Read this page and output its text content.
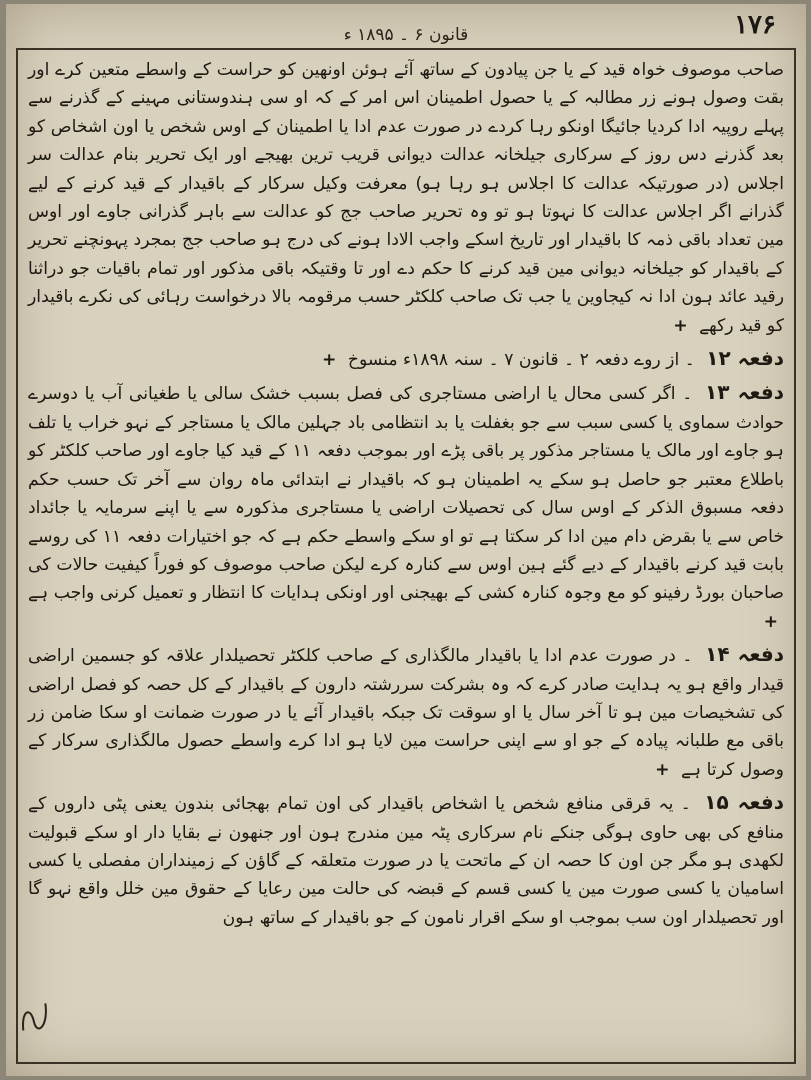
۱۷۶
قانون ۶ ۔ ۱۸۹۵ ء

صاحب موصوف خواہ قید کے یا جن پیادون کے ساتھ آئے ہوئن اونھین کو حراست کے واسطے متعین کرے اور بقت وصول ہونے زر مطالبہ کے یا حصول اطمینان اس امر کے کہ او سی ہندوستانی مہینے کے گذرنے سے پہلے روپیہ ادا کردیا جائیگا اونکو رہا کردے در صورت عدم ادا یا اطمینان کے اوس شخص یا اون اشخاص کو بعد گذرنے دس روز کے سرکاری جیلخانہ عدالت دیوانی قریب ترین بھیجے اور ایک تحریر بنام عدالت سر اجلاس (در صورتیکہ عدالت کا اجلاس ہو رہا ہو) معرفت وکیل سرکار کے باقیدار کے قید کرنے کے لیے گذرانے اگر اجلاس عدالت کا نہوتا ہو تو وہ تحریر صاحب جج کو عدالت سے باہر گذرانی جاوے اور اوس مین تعداد باقی ذمہ کا باقیدار اور تاریخ اسکے واجب الادا ہونے کی درج ہو صاحب جج بمجرد پہونچنے تحریر کے باقیدار کو جیلخانہ دیوانی مین قید کرنے کا حکم دے اور تا وقتیکہ باقی مذکور اور تمام باقیات جو دراثنا رقید عائد ہون ادا نہ کیجاوین یا جب تک صاحب کلکٹر حسب مرقومہ بالا درخواست رہائی کی نکرے باقیدار کو قید رکھے +

دفعہ ۱۲ ۔ از روے دفعہ ۲ ۔ قانون ۷ ۔ سنہ ۱۸۹۸ء منسوخ +

دفعہ ۱۳ ۔ اگر کسی محال یا اراضی مستاجری کی فصل بسبب خشک سالی یا طغیانی آب یا دوسرے حوادث سماوی یا کسی سبب سے جو بغفلت یا بد انتظامی باد جہلین مالک یا مستاجر کے نہو خراب یا تلف ہو جاوے اور مالک یا مستاجر مذکور پر باقی پڑے اور بموجب دفعہ ۱۱ کے قید کیا جاوے اور صاحب کلکٹر کو باطلاع معتبر جو حاصل ہو سکے یہ اطمینان ہو کہ باقیدار نے ابتدائی ماہ روان سے آخر تک حسب حکم دفعہ مسبوق الذکر کے اوس سال کی تحصیلات اراضی یا مستاجری مذکورہ سے یا اپنے سرمایہ یا جائداد خاص سے یا بقرض دام مین ادا کر سکتا ہے تو او سکے واسطے حکم ہے کہ جو اختیارات دفعہ ۱۱ کی روسے بابت قید کرنے باقیدار کے دیے گئے ہین اوس سے کنارہ کرے لیکن صاحب موصوف کو فوراً کیفیت حالات کی صاحبان بورڈ رفینو کو مع وجوہ کنارہ کشی کے بھیجنی اور اونکی ہدایات کا انتظار و تعمیل کرنی واجب ہے +

دفعہ ۱۴ ۔ در صورت عدم ادا یا باقیدار مالگذاری کے صاحب کلکٹر تحصیلدار علاقہ کو جسمین اراضی قیدار واقع ہو یہ ہدایت صادر کرے کہ وہ بشرکت سررشتہ دارون کے باقیدار کے کل حصہ کو فصل اراضی کی تشخیصات مین ہو تا آخر سال یا او سوقت تک جبکہ باقیدار آئے یا در صورت ضمانت او سکا ضامن زر باقی مع طلبانہ پیادہ کے جو او سے اپنی حراست مین لایا ہو ادا کرے واسطے حصول مالگذاری سرکار کے وصول کرتا ہے +

دفعہ ۱۵ ۔ یہ قرقی منافع شخص یا اشخاص باقیدار کی اون تمام بھجائی بندون یعنی پٹی داروں کے منافع کی بھی حاوی ہوگی جنکے نام سرکاری پٹہ مین مندرج ہون اور جنھون نے بقایا دار او سکے قبولیت لکھدی ہو مگر جن اون کا حصہ ان کے ماتحت یا در صورت متعلقہ کے گاؤن کے زمینداران مفصلی یا کسی اسامیان یا کسی صورت مین یا کسی قسم کے قبضہ کی حالت مین رعایا کے حقوق مین خلل واقع نہو گا اور تحصیلدار اون سب بموجب او سکے اقرار نامون کے جو باقیدار کے ساتھ ہون
